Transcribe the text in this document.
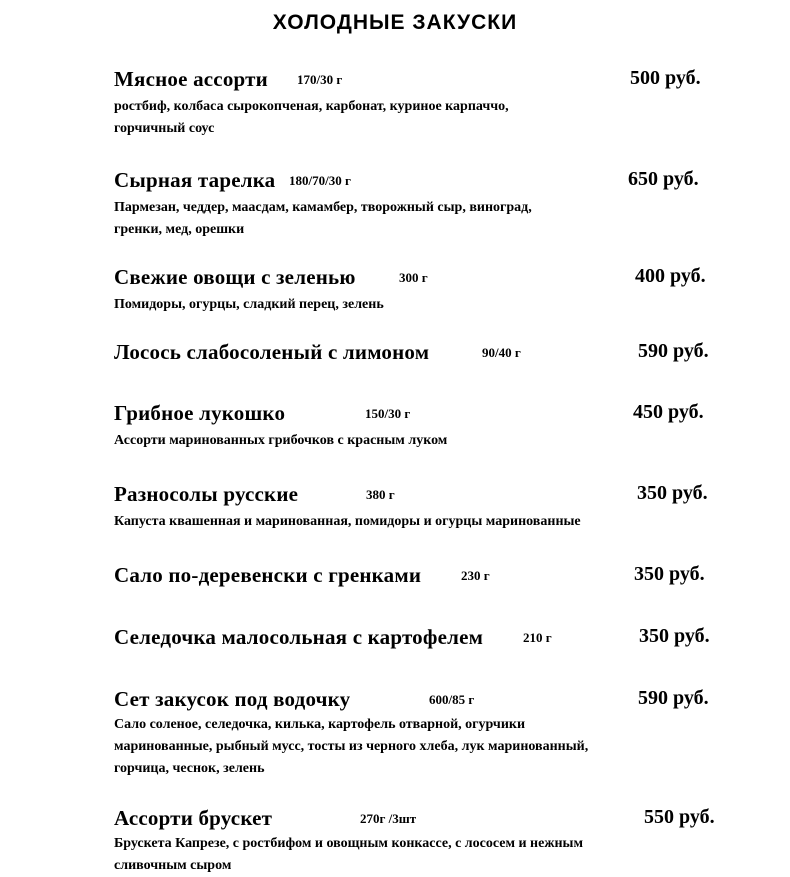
ХОЛОДНЫЕ ЗАКУСКИ
Мясное ассорти 170/30 г	500 руб.
ростбиф, колбаса сырокопченая, карбонат, куриное карпаччо,
горчичный соус
Сырная тарелка 180/70/30 г	650 руб.
Пармезан, чеддер, маасдам, камамбер, творожный сыр, виноград,
гренки, мед, орешки
Свежие овощи с зеленью	300 г	400 руб.
Помидоры, огурцы, сладкий перец, зелень
Лосось слабосоленый с лимоном	90/40 г	590 руб.
Грибное лукошко	150/30 г	450 руб.
Ассорти маринованных грибочков с красным луком
Разносолы русские	380 г	350 руб.
Капуста квашенная и маринованная, помидоры и огурцы маринованные
Сало по-деревенски с гренками	230 г	350 руб.
Селедочка малосольная с картофелем	210 г	350 руб.
Сет закусок под водочку	600/85 г	590 руб.
Сало соленое, селедочка, килька, картофель отварной, огурчики
маринованные, рыбный мусс, тосты из черного хлеба, лук маринованный,
горчица, чеснок, зелень
Ассорти брускет	270г /3шт	550 руб.
Брускета Капрезе, с ростбифом и овощным конкассе, с лососем и нежным
сливочным сыром
